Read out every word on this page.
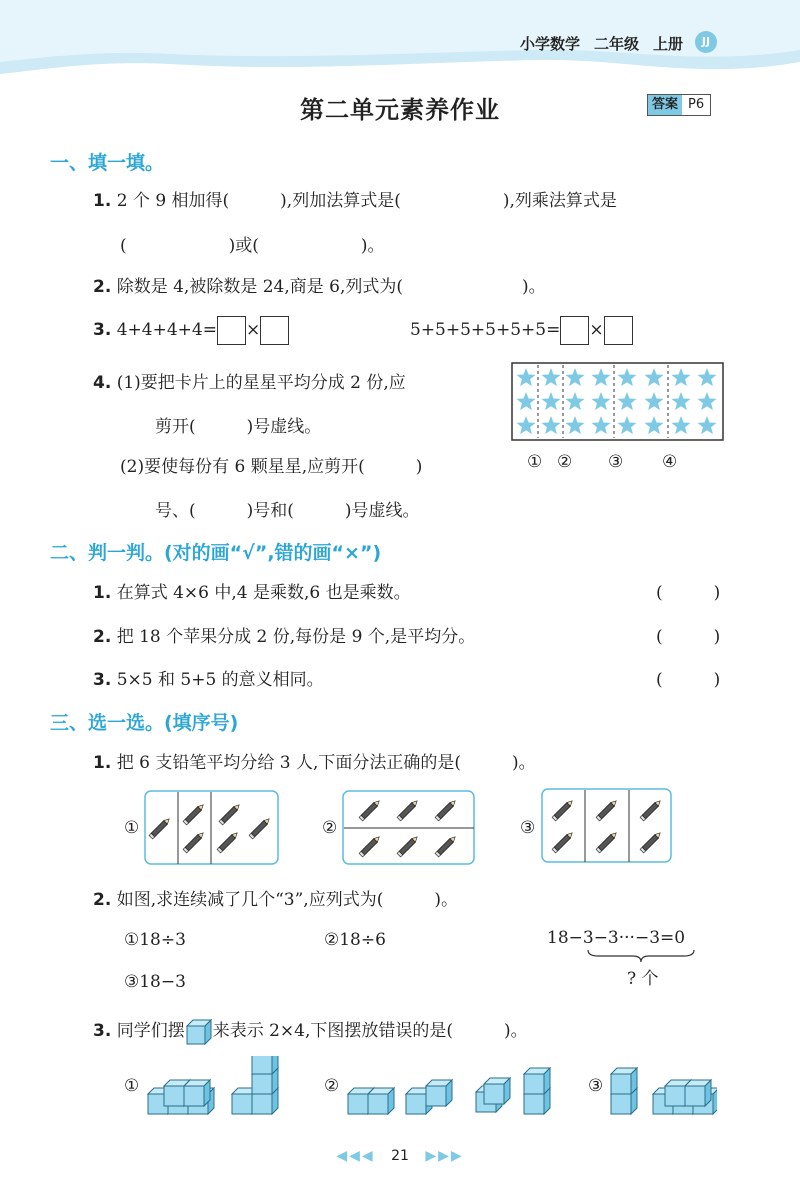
小学数学 二年级 上册	JJ
第二单元素养作业	答案 P6
一、填一填。
1. 2 个 9 相加得(　　　),列加法算式是(　　　　　　),列乘法算式是
(　　　　　　)或(　　　　　　)。
2. 除数是 4,被除数是 24,商是 6,列式为(　　　　　　　)。
3. 4+4+4+4= ×	5+5+5+5+5+5= ×
4. (1)要把卡片上的星星平均分成 2 份,应
剪开(　　　)号虚线。
(2)要使每份有 6 颗星星,应剪开(　　　)
号、(　　　)号和(　　　)号虚线。
① ② ③ ④
二、判一判。(对的画“√”,错的画“×”)
1. 在算式 4×6 中,4 是乘数,6 也是乘数。	(　　　)
2. 把 18 个苹果分成 2 份,每份是 9 个,是平均分。	(　　　)
3. 5×5 和 5+5 的意义相同。	(　　　)
三、选一选。(填序号)
1. 把 6 支铅笔平均分给 3 人,下面分法正确的是(　　　)。
①	②	③
2. 如图,求连续减了几个“3”,应列式为(　　　)。
①18÷3	②18÷6
③18−3
18−3−3···−3=0
? 个
3. 同学们摆 来表示 2×4,下图摆放错误的是(　　　)。
①	②	③
◀◀◀ 21 ▶▶▶
